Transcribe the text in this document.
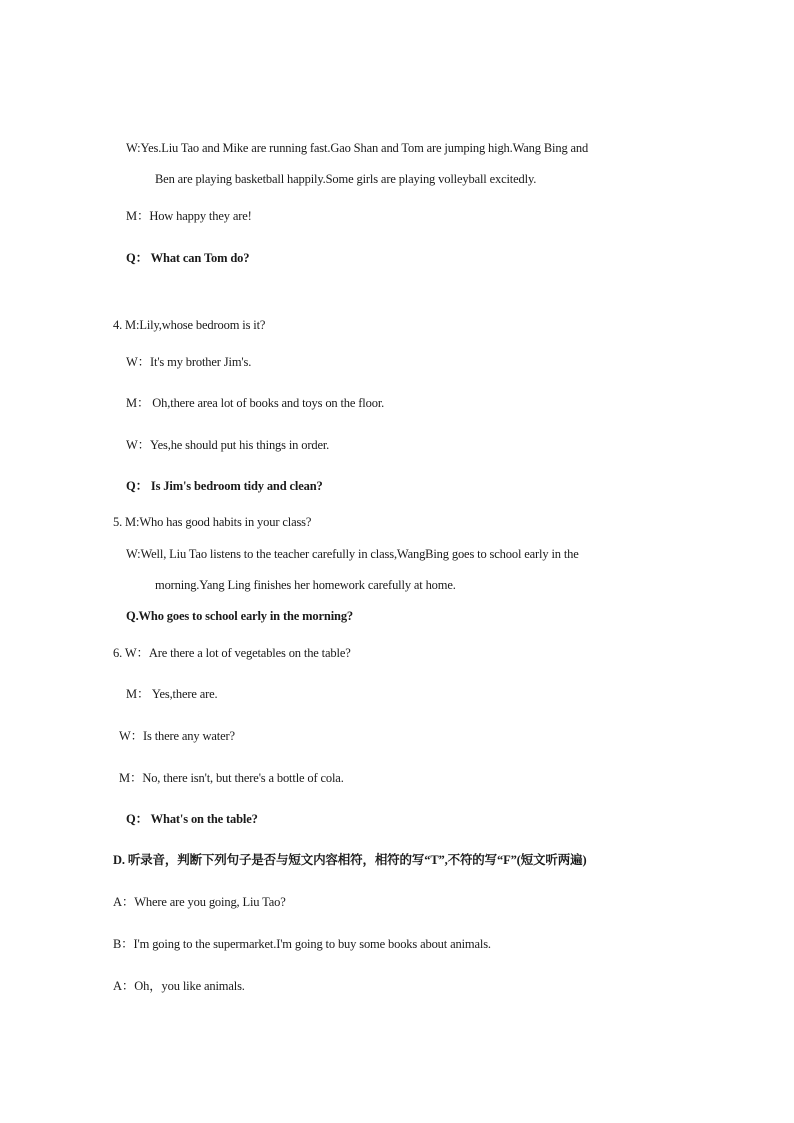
W:Yes.Liu Tao and Mike are running fast.Gao Shan and Tom are jumping high.Wang Bing and
Ben are playing basketball happily.Some girls are playing volleyball excitedly.
M：How happy they are!
Q： What can Tom do?
4. M:Lily,whose bedroom is it?
W：It's my brother Jim's.
M： Oh,there area lot of books and toys on the floor.
W：Yes,he should put his things in order.
Q： Is Jim's bedroom tidy and clean?
5. M:Who has good habits in your class?
W:Well, Liu Tao listens to the teacher carefully in class,WangBing goes to school early in the
morning.Yang Ling finishes her homework carefully at home.
Q.Who goes to school early in the morning?
6. W：Are there a lot of vegetables on the table?
M： Yes,there are.
W：Is there any water?
M：No, there isn't, but there's a bottle of cola.
Q： What's on the table?
D. 听录音，判断下列句子是否与短文内容相符，相符的写“T”,不符的写“F”(短文听两遍)
A：Where are you going, Liu Tao?
B：I'm going to the supermarket.I'm going to buy some books about animals.
A：Oh，you like animals.
